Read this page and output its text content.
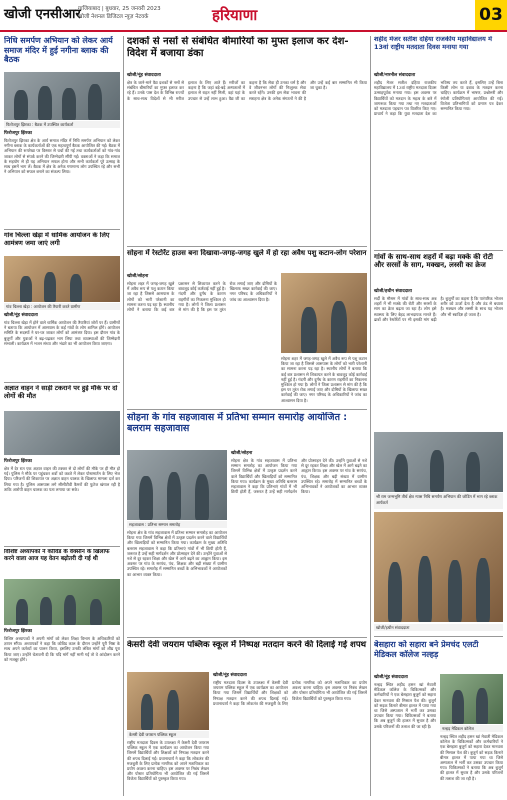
खोजी एनसीआर
गाजियाबाद | बुधवार, 25 जनवरी 2023
खोजी नेशनल डिजिटल न्यूज़ नेटवर्क	हरियाणा	03
निधि समर्पण अभियान को लेकर आर्य समाज मंदिर में हुई नगीना ब्लाक की बैठक
फिरोजपुर झिरका : बैठक में उपस्थित कार्यकर्ता
फिरोजपुर झिरका
फिरोजपुर झिरका क्षेत्र के आर्य समाज मंदिर में निधि समर्पण अभियान को लेकर नगीना ब्लाक के कार्यकर्ताओं की एक महत्वपूर्ण बैठक आयोजित की गई। बैठक में अभियान की रूपरेखा पर विस्तार से चर्चा की गई तथा कार्यकर्ताओं को गांव-गांव जाकर लोगों से संपर्क करने की जिम्मेदारी सौंपी गई। वक्ताओं ने कहा कि समाज के सहयोग से ही यह अभियान सफल होगा और सभी कार्यकर्ता पूरे उत्साह के साथ इसमें भाग लें। बैठक में क्षेत्र के अनेक गणमान्य लोग उपस्थित रहे और सभी ने अभियान को सफल बनाने का संकल्प लिया।
गांव चिल्ला खेड़ा में धार्मिक आयोजन के लिए आमंत्रण जमा जाएं लगी
गांव चिल्ला खेड़ा : आयोजन की तैयारी करते ग्रामीण
खोजी/नूंह संवाददाता
गांव चिल्ला खेड़ा में होने वाले धार्मिक आयोजन की तैयारियां जोरों पर हैं। ग्रामीणों ने बताया कि आयोजन में आसपास के कई गांवों के लोग शामिल होंगे। आयोजन समिति के सदस्यों ने घर-घर जाकर लोगों को आमंत्रण दिया। इस दौरान गांव के बुजुर्गों और युवाओं ने बढ़-चढ़कर भाग लिया तथा व्यवस्थाओं की जिम्मेदारी संभाली। कार्यक्रम में भजन संध्या और भंडारे का भी आयोजन किया जाएगा।
अज्ञात वाहन ने साड़ी टकराने पर हुई मौके पर दो लोगों की मौत
फिरोजपुर झिरका
क्षेत्र में देर रात एक अज्ञात वाहन की टक्कर से दो लोगों की मौके पर ही मौत हो गई। पुलिस ने मौके पर पहुंचकर शवों को कब्जे में लेकर पोस्टमार्टम के लिए भेज दिया। परिजनों की शिकायत पर अज्ञात वाहन चालक के खिलाफ मामला दर्ज कर लिया गया है। पुलिस आसपास लगे सीसीटीवी कैमरों की फुटेज खंगाल रही है ताकि आरोपी वाहन चालक का पता लगाया जा सके।
विशिष्ट अध्यापकों ने कोविड के वैक्सीन के खिलाफ करने वाला आज यह वेतन बढ़ोतरी दी गई थी
फिरोजपुर झिरका
विशिष्ट अध्यापकों ने अपनी मांगों को लेकर शिक्षा विभाग के अधिकारियों को ज्ञापन सौंपा। अध्यापकों ने कहा कि कोविड काल के दौरान उन्होंने पूरी निष्ठा के साथ अपने कर्तव्यों का पालन किया, इसलिए उनकी लंबित मांगों को शीघ्र पूरा किया जाए। उन्होंने चेतावनी दी कि यदि मांगें नहीं मानी गईं तो वे आंदोलन करने को मजबूर होंगे।
दशकों से नसों से संबंधित बीमारियों का मुफ्त इलाज कर देश-विदेश में बजाया डंका
खोजी/नूंह संवाददाता
क्षेत्र के जाने-माने वैद्य दशकों से नसों से संबंधित बीमारियों का मुफ्त इलाज कर रहे हैं। उनके पास देश के विभिन्न राज्यों के साथ-साथ विदेशों से भी मरीज इलाज के लिए आते हैं। मरीजों का कहना है कि जहां बड़े-बड़े अस्पतालों में इलाज से राहत नहीं मिली, वहां यहां के उपचार से उन्हें लाभ हुआ। वैद्य जी का कहना है कि सेवा ही उनका धर्म है और वे जीवनभर लोगों की निःशुल्क सेवा करते रहेंगे। उनकी इस सेवा भावना की सराहना क्षेत्र के अनेक संगठनों ने की है और उन्हें कई बार सम्मानित भी किया जा चुका है।
सोहना में रेस्टोरेंट हाउस बना दिखावा-जगह-जगह खुले में हो रहा अवैध पशु कटान-लोग परेशान
खोजी/सोहना
सोहना शहर में जगह-जगह खुले में अवैध रूप से पशु कटान किया जा रहा है जिससे आसपास के लोगों को भारी परेशानी का सामना करना पड़ रहा है। स्थानीय लोगों ने बताया कि कई बार प्रशासन से शिकायत करने के बावजूद कोई कार्रवाई नहीं हुई है। गंदगी और दुर्गंध के कारण राहगीरों का निकलना मुश्किल हो गया है। लोगों ने जिला प्रशासन से मांग की है कि इस पर तुरंत रोक लगाई जाए और दोषियों के खिलाफ सख्त कार्रवाई की जाए। नगर परिषद के अधिकारियों ने जांच का आश्वासन दिया है।
सोहना शहर में जगह-जगह खुले में अवैध रूप से पशु कटान किया जा रहा है जिससे आसपास के लोगों को भारी परेशानी का सामना करना पड़ रहा है। स्थानीय लोगों ने बताया कि कई बार प्रशासन से शिकायत करने के बावजूद कोई कार्रवाई नहीं हुई है। गंदगी और दुर्गंध के कारण राहगीरों का निकलना मुश्किल हो गया है। लोगों ने जिला प्रशासन से मांग की है कि इस पर तुरंत रोक लगाई जाए और दोषियों के खिलाफ सख्त कार्रवाई की जाए। नगर परिषद के अधिकारियों ने जांच का आश्वासन दिया है।
सोहना के गांव सहजावास में प्रतिभा सम्मान समारोह आयोजित : बलराम सहजावास
सहजावास : प्रतिभा सम्मान समारोह
खोजी/सोहना
सोहना क्षेत्र के गांव सहजावास में प्रतिभा सम्मान समारोह का आयोजन किया गया जिसमें विभिन्न क्षेत्रों में उत्कृष्ट प्रदर्शन करने वाले विद्यार्थियों और खिलाड़ियों को सम्मानित किया गया। कार्यक्रम के मुख्य अतिथि बलराम सहजावास ने कहा कि प्रतिभाएं गांवों में भी छिपी होती हैं, जरूरत है उन्हें सही मार्गदर्शन और प्रोत्साहन देने की। उन्होंने युवाओं से नशे से दूर रहकर शिक्षा और खेल में आगे बढ़ने का आह्वान किया। इस अवसर पर गांव के सरपंच, पंच, शिक्षक और बड़ी संख्या में ग्रामीण उपस्थित रहे। समारोह में सम्मानित बच्चों के अभिभावकों ने आयोजकों का आभार व्यक्त किया।
सोहना क्षेत्र के गांव सहजावास में प्रतिभा सम्मान समारोह का आयोजन किया गया जिसमें विभिन्न क्षेत्रों में उत्कृष्ट प्रदर्शन करने वाले विद्यार्थियों और खिलाड़ियों को सम्मानित किया गया। कार्यक्रम के मुख्य अतिथि बलराम सहजावास ने कहा कि प्रतिभाएं गांवों में भी छिपी होती हैं, जरूरत है उन्हें सही मार्गदर्शन और प्रोत्साहन देने की। उन्होंने युवाओं से नशे से दूर रहकर शिक्षा और खेल में आगे बढ़ने का आह्वान किया। इस अवसर पर गांव के सरपंच, पंच, शिक्षक और बड़ी संख्या में ग्रामीण उपस्थित रहे। समारोह में सम्मानित बच्चों के अभिभावकों ने आयोजकों का आभार व्यक्त किया।
केसरी देवी जयराम पब्लिक स्कूल में निष्पक्ष मतदान करने की दिलाई गई शपथ
केसरी देवी जयराम पब्लिक स्कूल
खोजी/नूंह संवाददाता
राष्ट्रीय मतदाता दिवस के उपलक्ष्य में केसरी देवी जयराम पब्लिक स्कूल में एक कार्यक्रम का आयोजन किया गया जिसमें विद्यार्थियों और शिक्षकों को निष्पक्ष मतदान करने की शपथ दिलाई गई। प्रधानाचार्य ने कहा कि लोकतंत्र की मजबूती के लिए प्रत्येक नागरिक को अपने मताधिकार का प्रयोग अवश्य करना चाहिए। इस अवसर पर निबंध लेखन और पोस्टर प्रतियोगिता भी आयोजित की गई जिसमें विजेता विद्यार्थियों को पुरस्कृत किया गया।
राष्ट्रीय मतदाता दिवस के उपलक्ष्य में केसरी देवी जयराम पब्लिक स्कूल में एक कार्यक्रम का आयोजन किया गया जिसमें विद्यार्थियों और शिक्षकों को निष्पक्ष मतदान करने की शपथ दिलाई गई। प्रधानाचार्य ने कहा कि लोकतंत्र की मजबूती के लिए प्रत्येक नागरिक को अपने मताधिकार का प्रयोग अवश्य करना चाहिए। इस अवसर पर निबंध लेखन और पोस्टर प्रतियोगिता भी आयोजित की गई जिसमें विजेता विद्यार्थियों को पुरस्कृत किया गया।
शहीद मेजर सतीश दहिया राजकीय महाविद्यालय में 13वां राष्ट्रीय मतदाता दिवस मनाया गया
खोजी/नारनौल संवाददाता
शहीद मेजर सतीश दहिया राजकीय महाविद्यालय में 13वां राष्ट्रीय मतदाता दिवस उत्साहपूर्वक मनाया गया। इस अवसर पर विद्यार्थियों को मतदान के महत्व के बारे में जागरूक किया गया तथा नए मतदाताओं को मतदाता पहचान पत्र वितरित किए गए। प्राचार्य ने कहा कि युवा मतदाता देश का भविष्य तय करते हैं, इसलिए उन्हें बिना किसी लोभ या दबाव के मतदान करना चाहिए। कार्यक्रम में भाषण, प्रश्नोत्तरी और रंगोली प्रतियोगिताएं आयोजित की गईं। विजेता प्रतिभागियों को प्रमाण पत्र देकर सम्मानित किया गया।
गांवों के साथ-साथ शहरों में बढ़ा मक्के की रोटी और सरसों के साग, मक्खन, लस्सी का क्रेज
खोजी/हथीन संवाददाता
सर्दी के मौसम में गांवों के साथ-साथ अब शहरों में भी मक्के की रोटी और सरसों के साग का क्रेज बढ़ता जा रहा है। लोग इसे स्वास्थ्य के लिए बेहद लाभदायक मानते हैं। ढाबों और रेस्टोरेंटों पर भी इसकी मांग बढ़ी है। बुजुर्गों का कहना है कि पारंपरिक भोजन शरीर को ऊर्जा देता है और ठंड से बचाता है। मक्खन और लस्सी के साथ यह भोजन और भी स्वादिष्ट हो जाता है।
श्री राम जन्मभूमि तीर्थ क्षेत्र न्यास निधि समर्पण अभियान की जोडिंग में भाग रहे ब्लाक आर्यकर्त
खोजी/हथीन संवाददाता
बेसहारा को सहारा बने प्रेमचंद एलटी मेडिकल कॉलेज नल्हड़
खोजी/नूंह संवाददाता
नल्हड़ स्थित शहीद हसन खां मेवाती मेडिकल कॉलेज के चिकित्सकों और कर्मचारियों ने एक बेसहारा बुजुर्ग को सहारा देकर मानवता की मिसाल पेश की। बुजुर्ग को सड़क किनारे बीमार हालत में पाया गया था जिसे अस्पताल में भर्ती कर उसका उपचार किया गया। चिकित्सकों ने बताया कि अब बुजुर्ग की हालत में सुधार है और उसके परिजनों की तलाश की जा रही है।	नल्हड़ मेडिकल कॉलेज
नल्हड़ स्थित शहीद हसन खां मेवाती मेडिकल कॉलेज के चिकित्सकों और कर्मचारियों ने एक बेसहारा बुजुर्ग को सहारा देकर मानवता की मिसाल पेश की। बुजुर्ग को सड़क किनारे बीमार हालत में पाया गया था जिसे अस्पताल में भर्ती कर उसका उपचार किया गया। चिकित्सकों ने बताया कि अब बुजुर्ग की हालत में सुधार है और उसके परिजनों की तलाश की जा रही है।
